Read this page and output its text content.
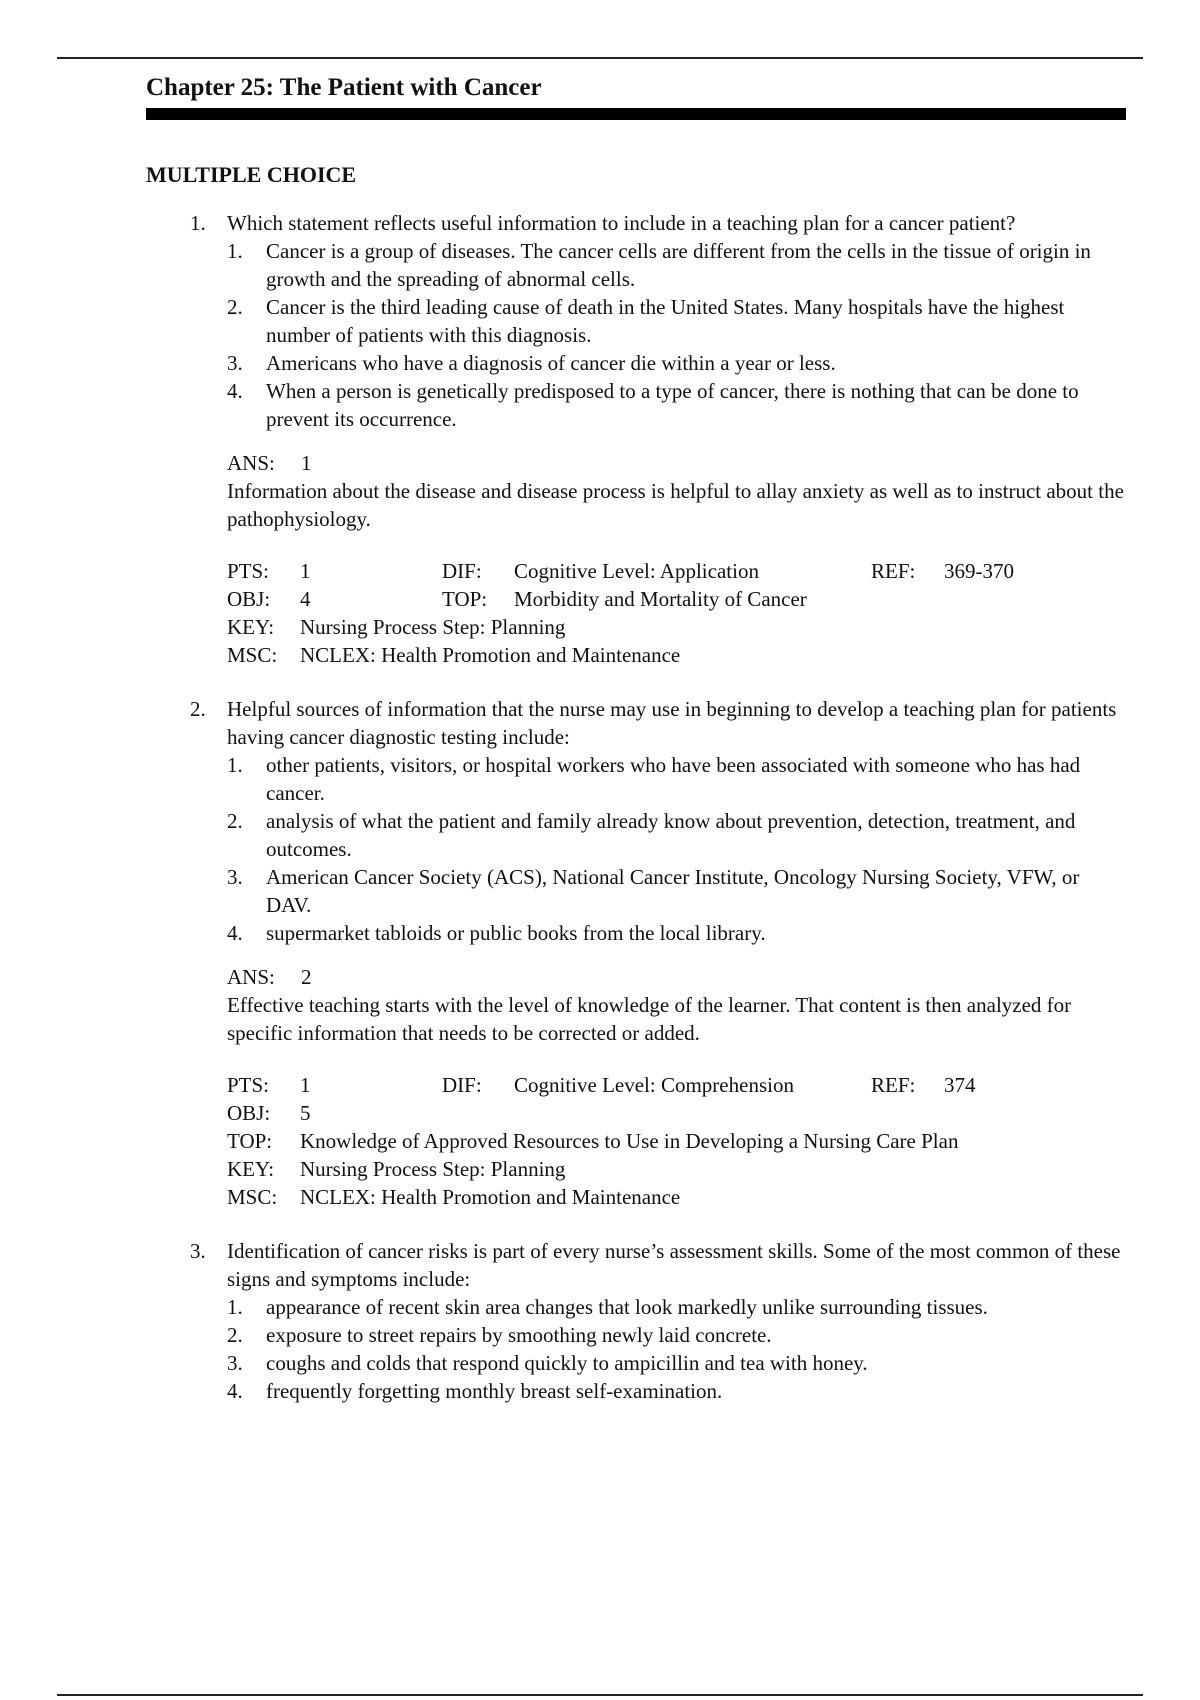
Chapter 25: The Patient with Cancer
MULTIPLE CHOICE
1. Which statement reflects useful information to include in a teaching plan for a cancer patient?

1. Cancer is a group of diseases. The cancer cells are different from the cells in the tissue of origin in growth and the spreading of abnormal cells.
2. Cancer is the third leading cause of death in the United States. Many hospitals have the highest number of patients with this diagnosis.
3. Americans who have a diagnosis of cancer die within a year or less.
4. When a person is genetically predisposed to a type of cancer, there is nothing that can be done to prevent its occurrence.
ANS: 1
Information about the disease and disease process is helpful to allay anxiety as well as to instruct about the pathophysiology.
PTS:	1	DIF:	Cognitive Level: Application	REF:	369-370
OBJ:	4	TOP:	Morbidity and Mortality of Cancer
KEY:	Nursing Process Step: Planning
MSC:	NCLEX: Health Promotion and Maintenance
2. Helpful sources of information that the nurse may use in beginning to develop a teaching plan for patients having cancer diagnostic testing include:

1. other patients, visitors, or hospital workers who have been associated with someone who has had cancer.
2. analysis of what the patient and family already know about prevention, detection, treatment, and outcomes.
3. American Cancer Society (ACS), National Cancer Institute, Oncology Nursing Society, VFW, or DAV.
4. supermarket tabloids or public books from the local library.
ANS: 2
Effective teaching starts with the level of knowledge of the learner. That content is then analyzed for specific information that needs to be corrected or added.
PTS:	1	DIF:	Cognitive Level: Comprehension	REF:	374
OBJ:	5
TOP:	Knowledge of Approved Resources to Use in Developing a Nursing Care Plan
KEY:	Nursing Process Step: Planning
MSC:	NCLEX: Health Promotion and Maintenance
3. Identification of cancer risks is part of every nurse’s assessment skills. Some of the most common of these signs and symptoms include:

1. appearance of recent skin area changes that look markedly unlike surrounding tissues.
2. exposure to street repairs by smoothing newly laid concrete.
3. coughs and colds that respond quickly to ampicillin and tea with honey.
4. frequently forgetting monthly breast self-examination.
